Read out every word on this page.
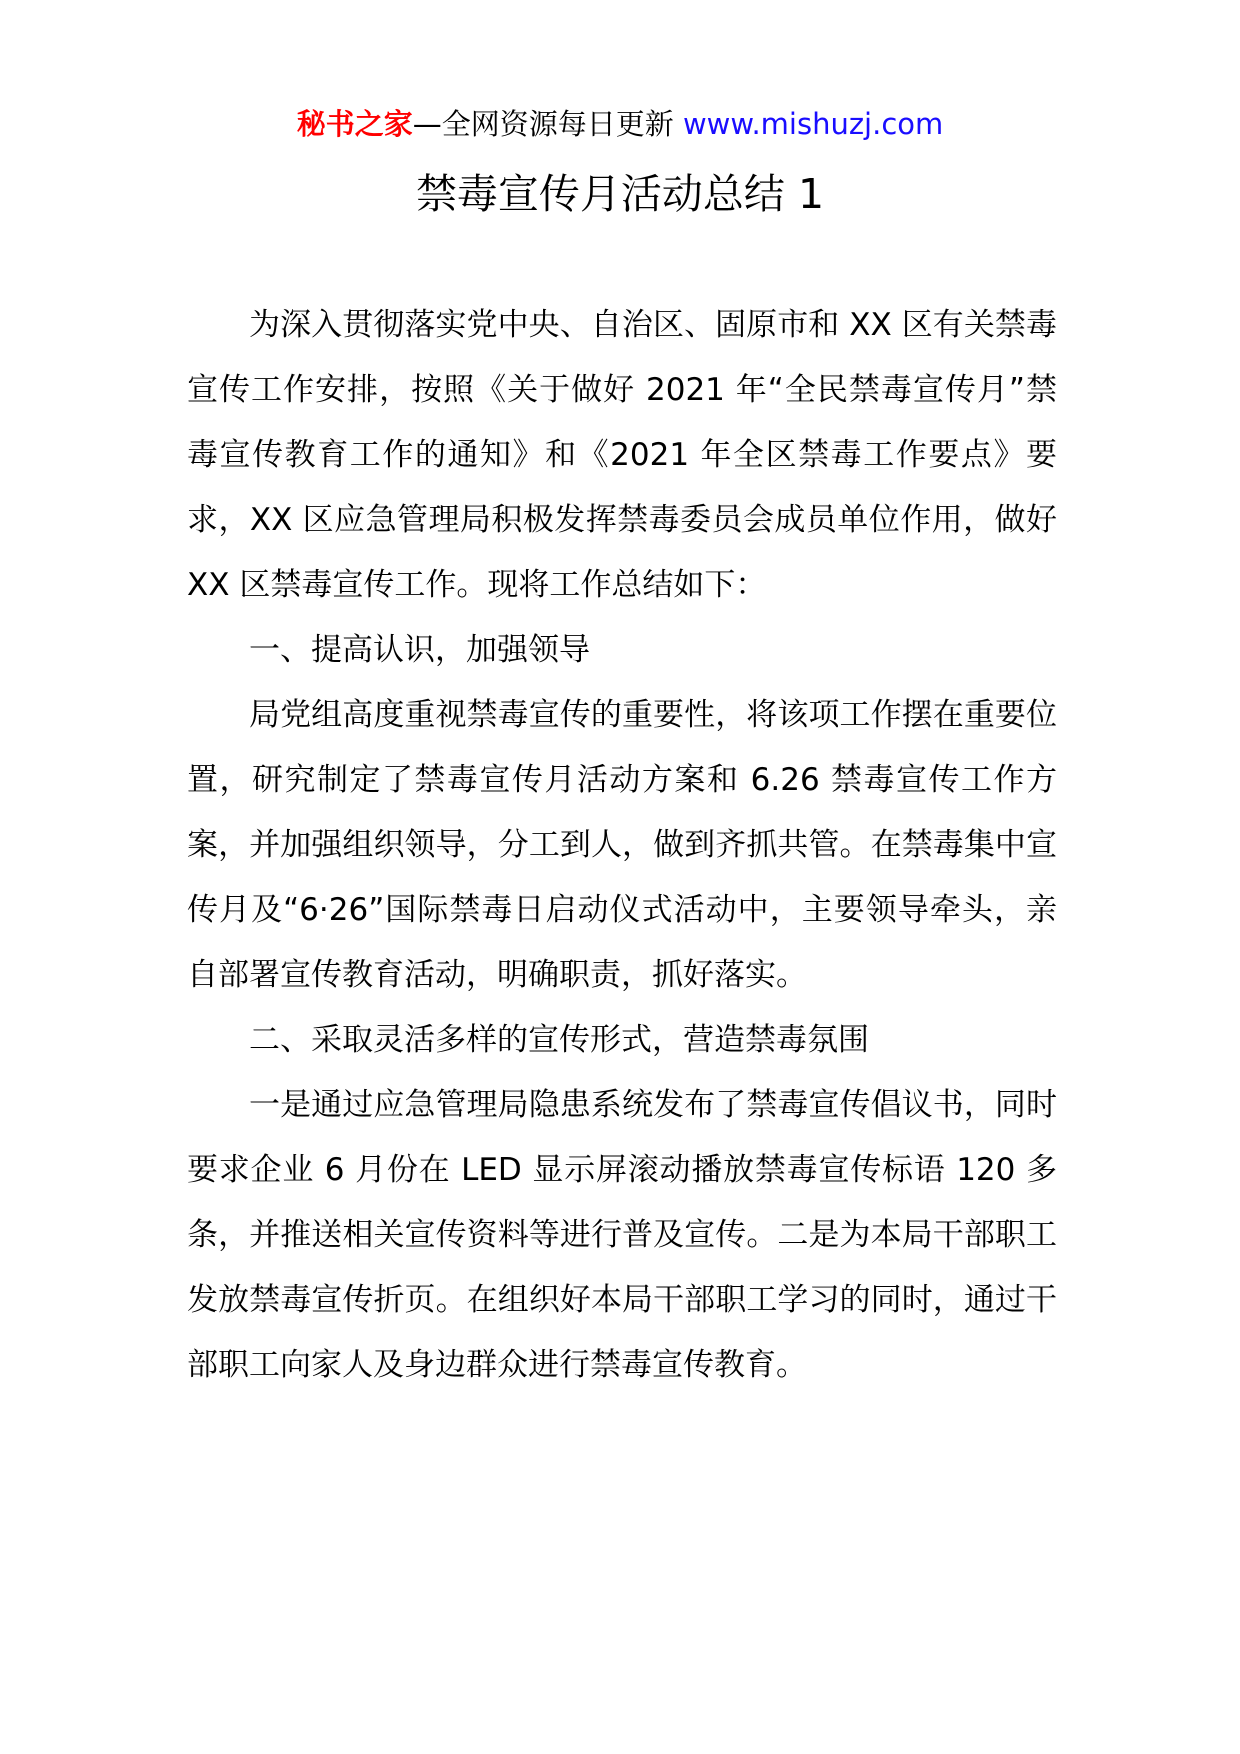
秘书之家—全网资源每日更新 www.mishuzj.com
禁毒宣传月活动总结 1

为深入贯彻落实党中央、自治区、固原市和 XX 区有关禁毒宣传工作安排，按照《关于做好 2021 年“全民禁毒宣传月”禁毒宣传教育工作的通知》和《2021 年全区禁毒工作要点》要求，XX 区应急管理局积极发挥禁毒委员会成员单位作用，做好 XX 区禁毒宣传工作。现将工作总结如下：

一、提高认识，加强领导

局党组高度重视禁毒宣传的重要性，将该项工作摆在重要位置，研究制定了禁毒宣传月活动方案和 6.26 禁毒宣传工作方案，并加强组织领导，分工到人，做到齐抓共管。在禁毒集中宣传月及“6·26”国际禁毒日启动仪式活动中，主要领导牵头，亲自部署宣传教育活动，明确职责，抓好落实。

二、采取灵活多样的宣传形式，营造禁毒氛围

一是通过应急管理局隐患系统发布了禁毒宣传倡议书，同时要求企业 6 月份在 LED 显示屏滚动播放禁毒宣传标语 120 多条，并推送相关宣传资料等进行普及宣传。二是为本局干部职工发放禁毒宣传折页。在组织好本局干部职工学习的同时，通过干部职工向家人及身边群众进行禁毒宣传教育。
